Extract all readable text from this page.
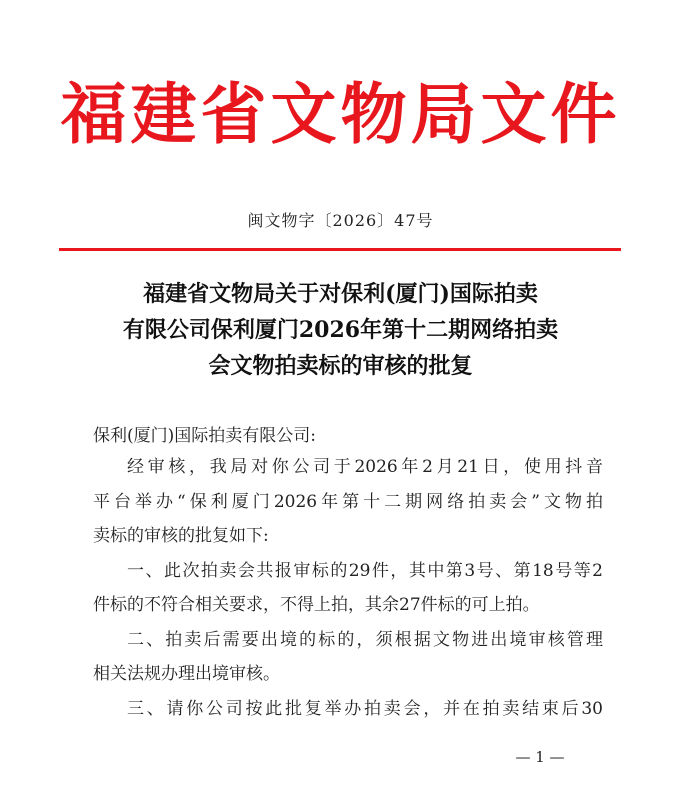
福建省文物局文件
闽文物字〔2026〕47号
福建省文物局关于对保利(厦门)国际拍卖
有限公司保利厦门2026年第十二期网络拍卖
会文物拍卖标的审核的批复
保利(厦门)国际拍卖有限公司:
经审核，我局对你公司于2026年2月21日，使用抖音
平台举办“保利厦门2026年第十二期网络拍卖会”文物拍
卖标的审核的批复如下:
一、此次拍卖会共报审标的29件，其中第3号、第18号等2
件标的不符合相关要求，不得上拍，其余27件标的可上拍。
二、拍卖后需要出境的标的，须根据文物进出境审核管理
相关法规办理出境审核。
三、请你公司按此批复举办拍卖会，并在拍卖结束后30
— 1 —
